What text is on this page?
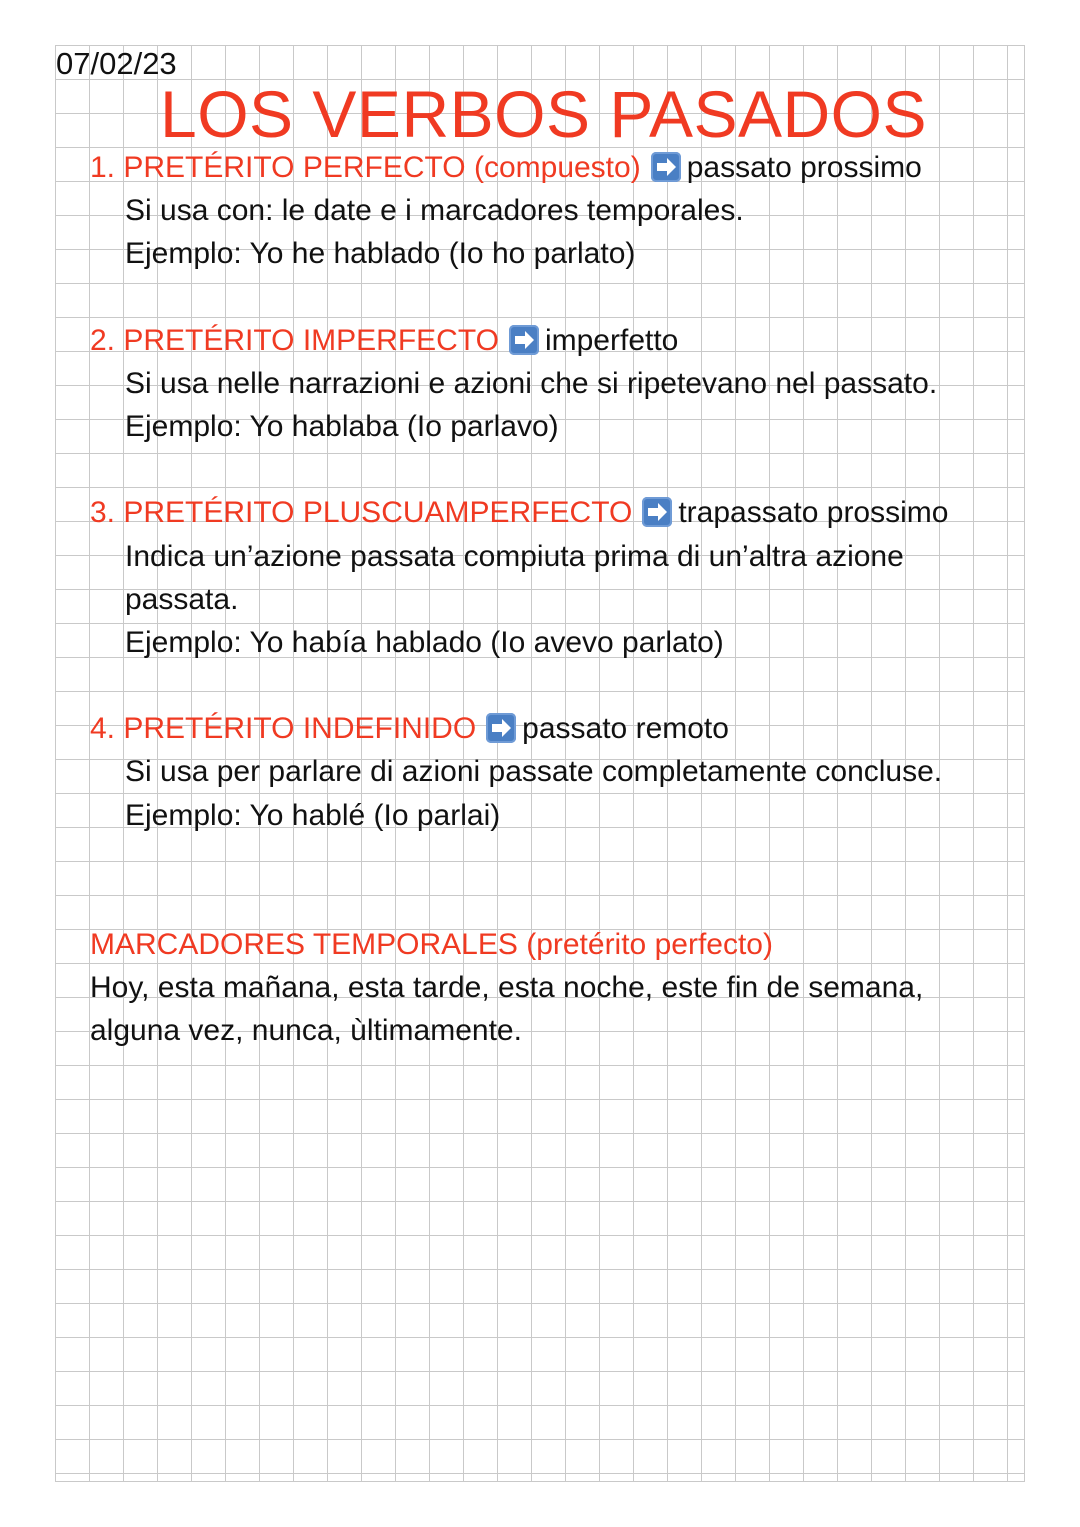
07/02/23
LOS VERBOS PASADOS
1. PRETÉRITO PERFECTO (compuesto) passato prossimo
Si usa con: le date e i marcadores temporales.
Ejemplo: Yo he hablado (Io ho parlato)
2. PRETÉRITO IMPERFECTO imperfetto
Si usa nelle narrazioni e azioni che si ripetevano nel passato.
Ejemplo: Yo hablaba (Io parlavo)
3. PRETÉRITO PLUSCUAMPERFECTO trapassato prossimo
Indica un’azione passata compiuta prima di un’altra azione
passata.
Ejemplo: Yo había hablado (Io avevo parlato)
4. PRETÉRITO INDEFINIDO passato remoto
Si usa per parlare di azioni passate completamente concluse.
Ejemplo: Yo hablé (Io parlai)
MARCADORES TEMPORALES (pretérito perfecto)
Hoy, esta mañana, esta tarde, esta noche, este fin de semana,
alguna vez, nunca, ùltimamente.
